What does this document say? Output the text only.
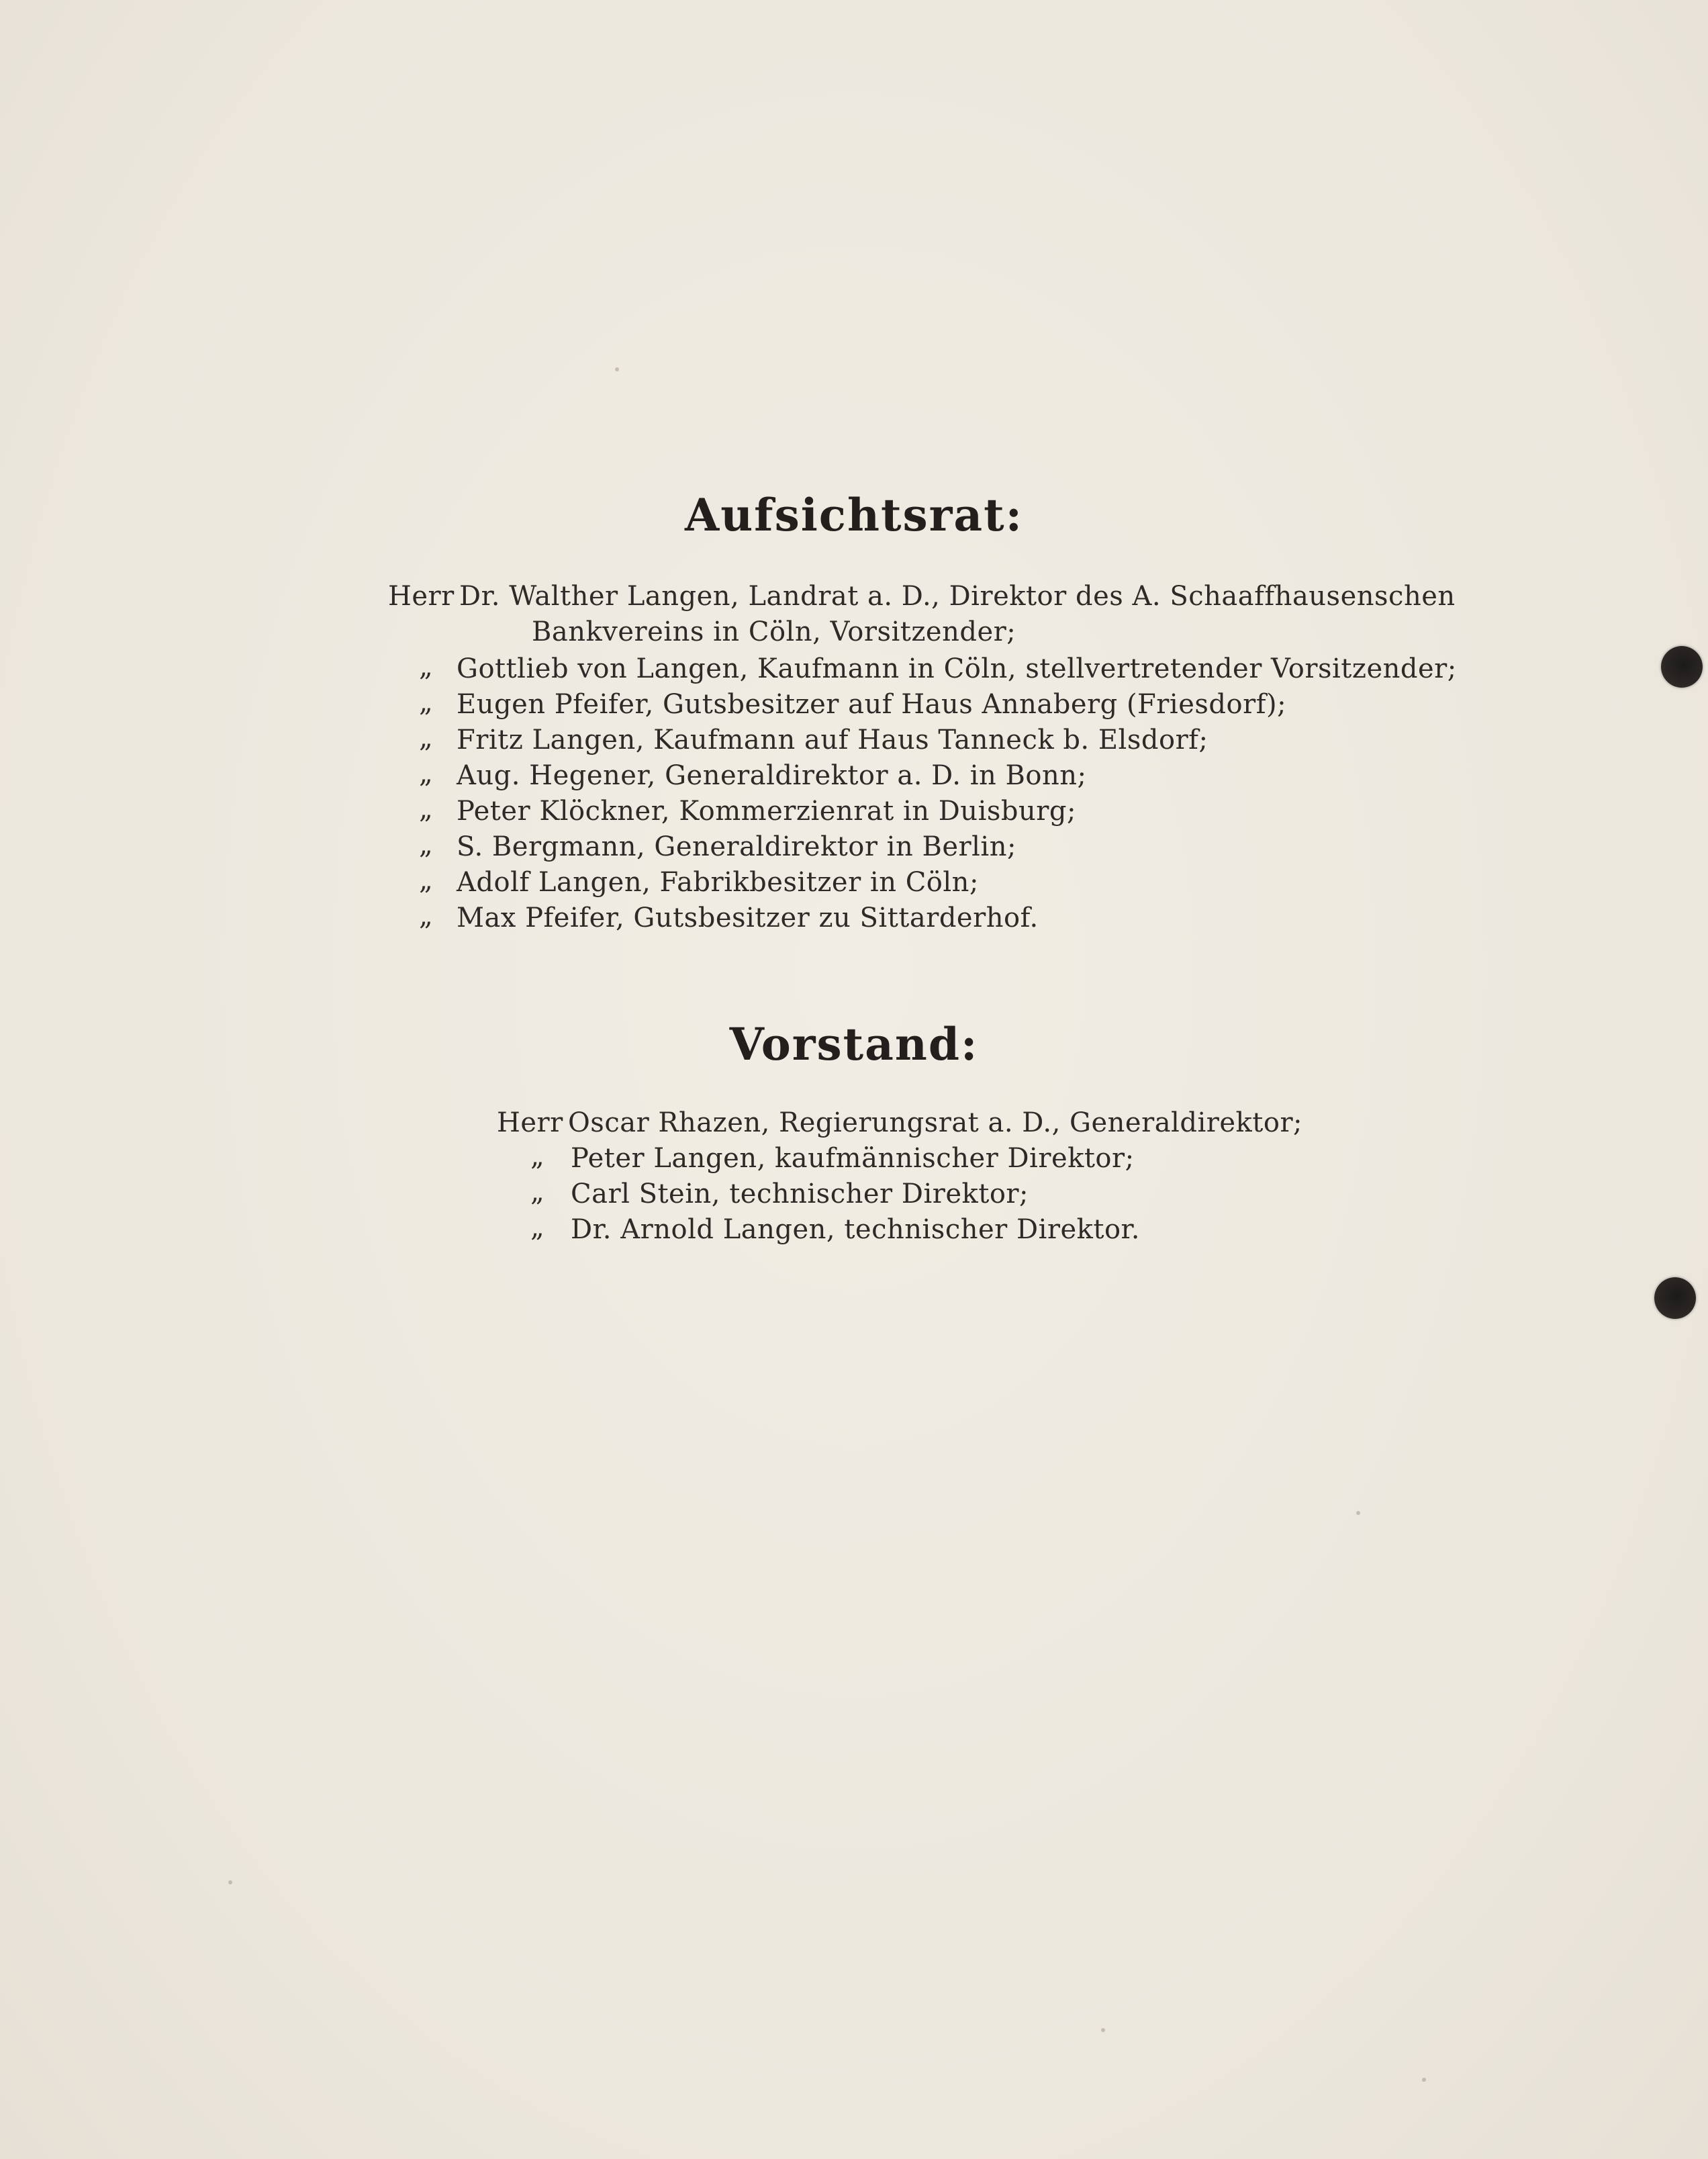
Aufsichtsrat:
Herr Dr. Walther Langen, Landrat a. D., Direktor des A. Schaaffhausenschen
Bankvereins in Cöln, Vorsitzender;
„ Gottlieb von Langen, Kaufmann in Cöln, stellvertretender Vorsitzender;
„ Eugen Pfeifer, Gutsbesitzer auf Haus Annaberg (Friesdorf);
„ Fritz Langen, Kaufmann auf Haus Tanneck b. Elsdorf;
„ Aug. Hegener, Generaldirektor a. D. in Bonn;
„ Peter Klöckner, Kommerzienrat in Duisburg;
„ S. Bergmann, Generaldirektor in Berlin;
„ Adolf Langen, Fabrikbesitzer in Cöln;
„ Max Pfeifer, Gutsbesitzer zu Sittarderhof.
Vorstand:
Herr Oscar Rhazen, Regierungsrat a. D., Generaldirektor;
„ Peter Langen, kaufmännischer Direktor;
„ Carl Stein, technischer Direktor;
„ Dr. Arnold Langen, technischer Direktor.
